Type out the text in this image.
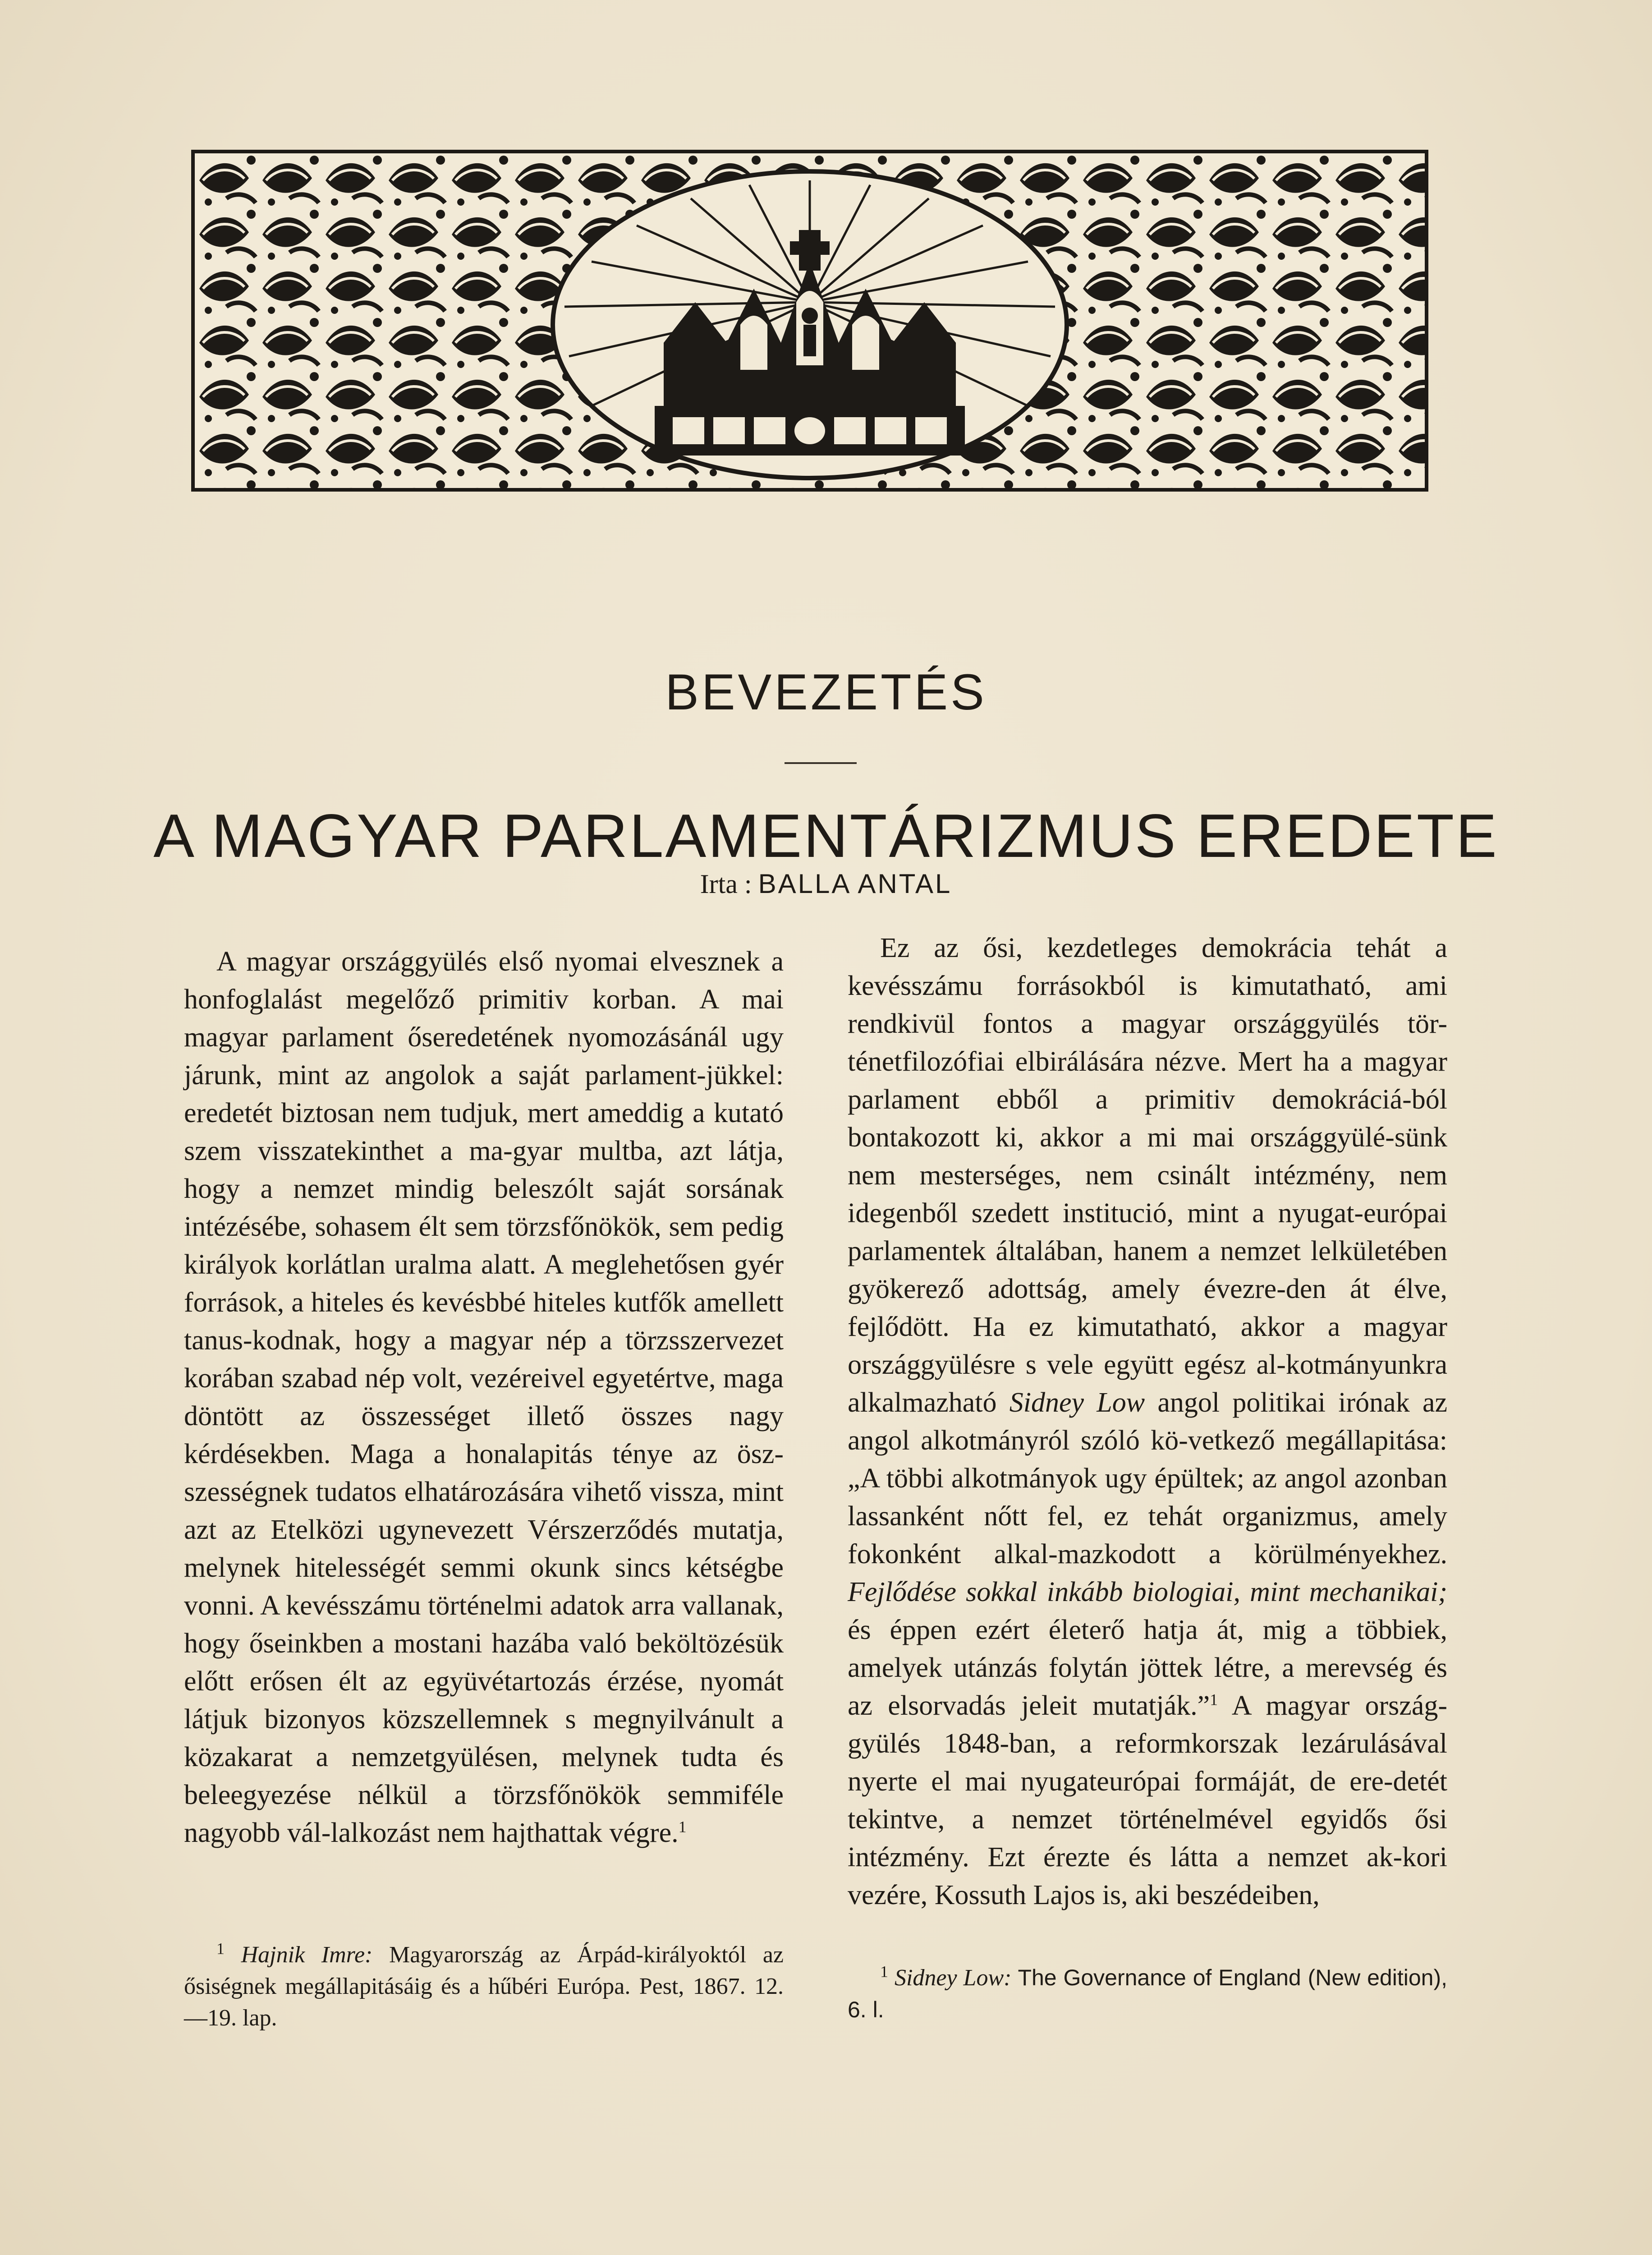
BEVEZETÉS
A MAGYAR PARLAMENTÁRIZMUS EREDETE
Irta : BALLA ANTAL

A magyar országgyülés első nyomai elvesznek a honfoglalást megelőző primitiv korban. A mai magyar parlament őseredetének nyomozásánál ugy járunk, mint az angolok a saját parlament-jükkel: eredetét biztosan nem tudjuk, mert ameddig a kutató szem visszatekinthet a ma-gyar multba, azt látja, hogy a nemzet mindig beleszólt saját sorsának intézésébe, sohasem élt sem törzsfőnökök, sem pedig királyok korlátlan uralma alatt. A meglehetősen gyér források, a hiteles és kevésbbé hiteles kutfők amellett tanus-kodnak, hogy a magyar nép a törzsszervezet korában szabad nép volt, vezéreivel egyetértve, maga döntött az összességet illető összes nagy kérdésekben. Maga a honalapitás ténye az ösz-szességnek tudatos elhatározására vihető vissza, mint azt az Etelközi ugynevezett Vérszerződés mutatja, melynek hitelességét semmi okunk sincs kétségbe vonni. A kevésszámu történelmi adatok arra vallanak, hogy őseinkben a mostani hazába való beköltözésük előtt erősen élt az együvétartozás érzése, nyomát látjuk bizonyos közszellemnek s megnyilvánult a közakarat a nemzetgyülésen, melynek tudta és beleegyezése nélkül a törzsfőnökök semmiféle nagyobb vál-lalkozást nem hajthattak végre.$^1$

Ez az ősi, kezdetleges demokrácia tehát a kevésszámu forrásokból is kimutatható, ami rendkivül fontos a magyar országgyülés tör-ténetfilozófiai elbirálására nézve. Mert ha a magyar parlament ebből a primitiv demokráciá-ból bontakozott ki, akkor a mi mai országgyülé-sünk nem mesterséges, nem csinált intézmény, nem idegenből szedett institució, mint a nyugat-európai parlamentek általában, hanem a nemzet lelkületében gyökerező adottság, amely évezre-den át élve, fejlődött. Ha ez kimutatható, akkor a magyar országgyülésre s vele együtt egész al-kotmányunkra alkalmazható Sidney Low angol politikai irónak az angol alkotmányról szóló kö-vetkező megállapitása: „A többi alkotmányok ugy épültek; az angol azonban lassanként nőtt fel, ez tehát organizmus, amely fokonként alkal-mazkodott a körülményekhez. Fejlődése sokkal inkább biologiai, mint mechanikai; és éppen ezért életerő hatja át, mig a többiek, amelyek utánzás folytán jöttek létre, a merevség és az elsorvadás jeleit mutatják.”$^1$ A magyar ország-gyülés 1848-ban, a reformkorszak lezárulásával nyerte el mai nyugateurópai formáját, de ere-detét tekintve, a nemzet történelmével egyidős ősi intézmény. Ezt érezte és látta a nemzet ak-kori vezére, Kossuth Lajos is, aki beszédeiben,

$^1$ Hajnik Imre: Magyarország az Árpád-királyoktól az ősiségnek megállapitásáig és a hűbéri Európa. Pest, 1867. 12.—19. lap.

$^1$ Sidney Low: The Governance of England (New edition), 6. l.
